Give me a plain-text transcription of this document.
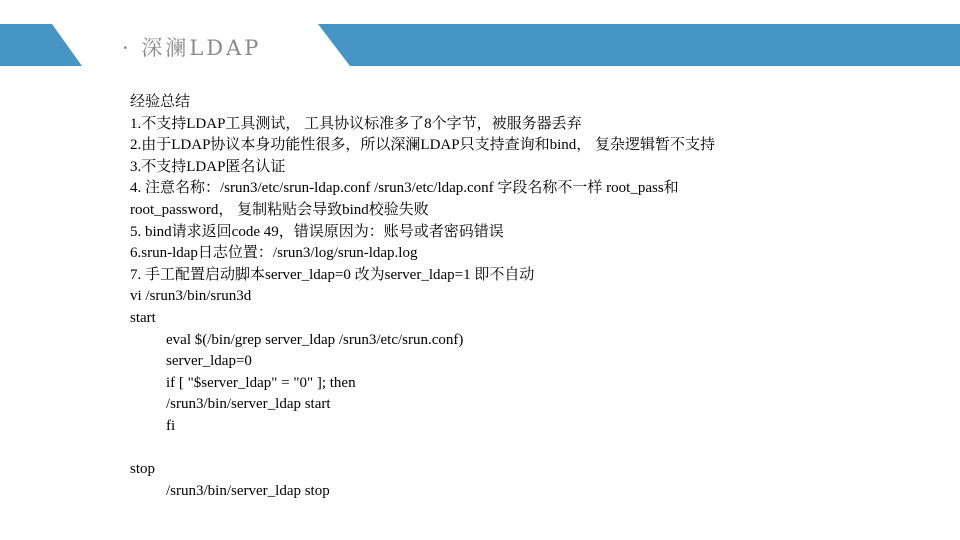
· 深澜LDAP
经验总结
1.不支持LDAP工具测试， 工具协议标准多了8个字节，被服务器丢弃
2.由于LDAP协议本身功能性很多，所以深澜LDAP只支持查询和bind， 复杂逻辑暂不支持
3.不支持LDAP匿名认证
4. 注意名称：/srun3/etc/srun-ldap.conf /srun3/etc/ldap.conf 字段名称不一样 root_pass和
root_password， 复制粘贴会导致bind校验失败
5. bind请求返回code 49，错误原因为：账号或者密码错误
6.srun-ldap日志位置：/srun3/log/srun-ldap.log
7. 手工配置启动脚本server_ldap=0 改为server_ldap=1 即不自动
vi /srun3/bin/srun3d
start
eval $(/bin/grep server_ldap /srun3/etc/srun.conf)
server_ldap=0
if [ "$server_ldap" = "0" ]; then
/srun3/bin/server_ldap start
fi
stop
/srun3/bin/server_ldap stop
